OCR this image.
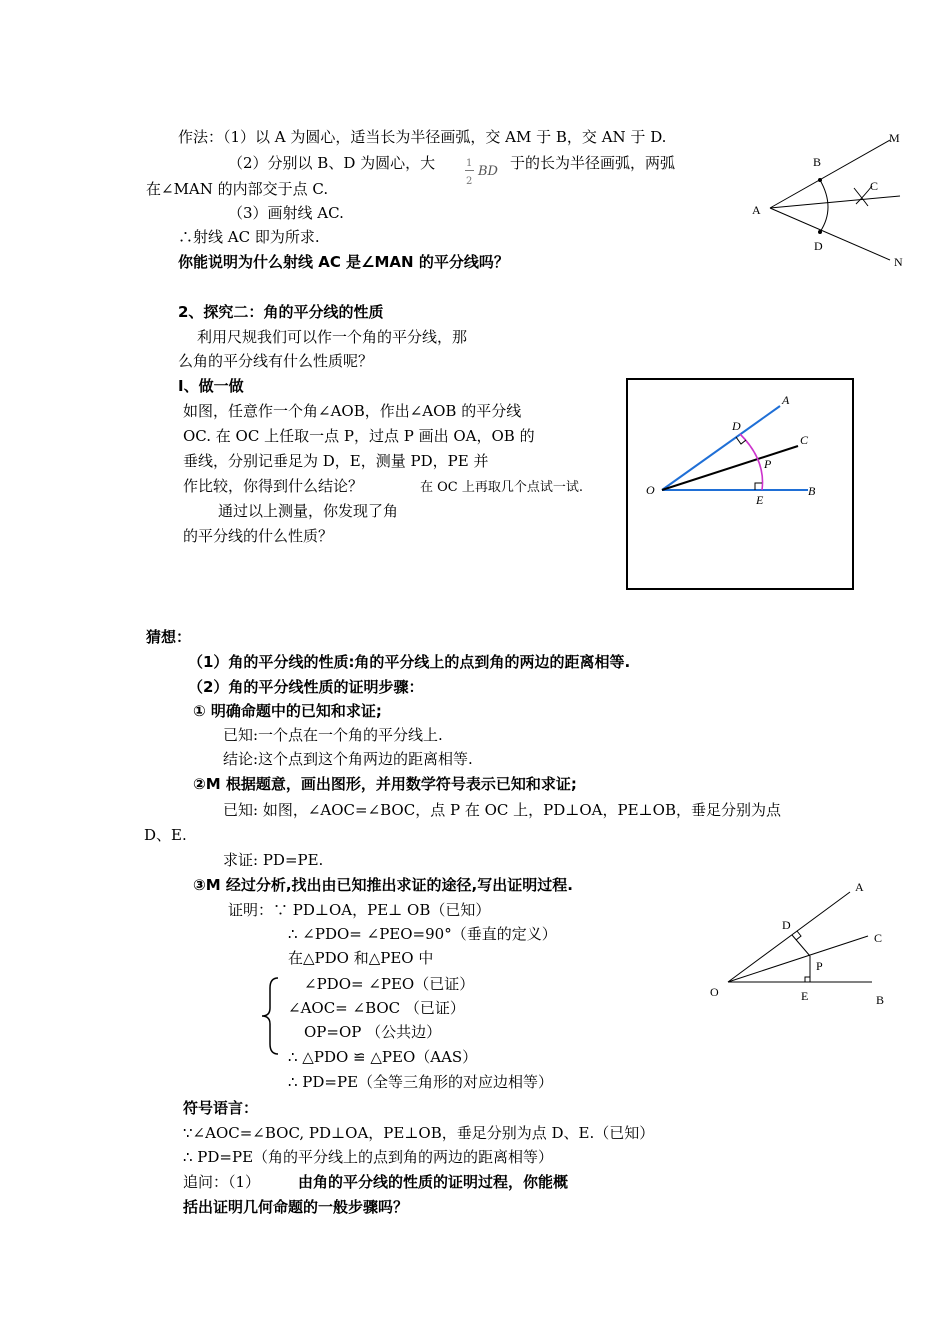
作法：（1）以 A 为圆心，适当长为半径画弧，交 AM 于 B，交 AN 于 D.
（2）分别以 B、D 为圆心，大	1
2
BD 于的长为半径画弧，两弧
在∠MAN 的内部交于点 C.
（3）画射线 AC.
∴射线 AC 即为所求.
你能说明为什么射线 AC 是∠MAN 的平分线吗？
M
B
C
A
D
N
2、探究二：角的平分线的性质
利用尺规我们可以作一个角的平分线，那
么角的平分线有什么性质呢？
Ⅰ、做一做
如图，任意作一个角∠AOB，作出∠AOB 的平分线
OC. 在 OC 上任取一点 P，过点 P 画出 OA，OB 的
垂线，分别记垂足为 D，E，测量 PD，PE 并
作比较，你得到什么结论？	在 OC 上再取几个点试一试.
通过以上测量，你发现了角
的平分线的什么性质？
A
D
C
P
O
E
B
猜想：
（1）角的平分线的性质:角的平分线上的点到角的两边的距离相等.
（2）角的平分线性质的证明步骤：
① 明确命题中的已知和求证;
已知:一个点在一个角的平分线上.
结论:这个点到这个角两边的距离相等.
②M 根据题意，画出图形，并用数学符号表示已知和求证;
已知: 如图，∠AOC=∠BOC，点 P 在 OC 上，PD⊥OA，PE⊥OB，垂足分别为点
D、E.
求证: PD=PE.
③M 经过分析,找出由已知推出求证的途径,写出证明过程.
证明：∵ PD⊥OA，PE⊥ OB（已知）
∴ ∠PDO= ∠PEO=90°（垂直的定义）
在△PDO 和△PEO 中
∠PDO= ∠PEO（已证）
∠AOC= ∠BOC （已证）
OP=OP （公共边）
∴ △PDO ≌ △PEO（AAS）
∴ PD=PE（全等三角形的对应边相等）
A
D
C
P
O	E	B
符号语言：
∵∠AOC=∠BOC, PD⊥OA，PE⊥OB，垂足分别为点 D、E.（已知）
∴ PD=PE（角的平分线上的点到角的两边的距离相等）
追问：（1）	由角的平分线的性质的证明过程，你能概
括出证明几何命题的一般步骤吗？
